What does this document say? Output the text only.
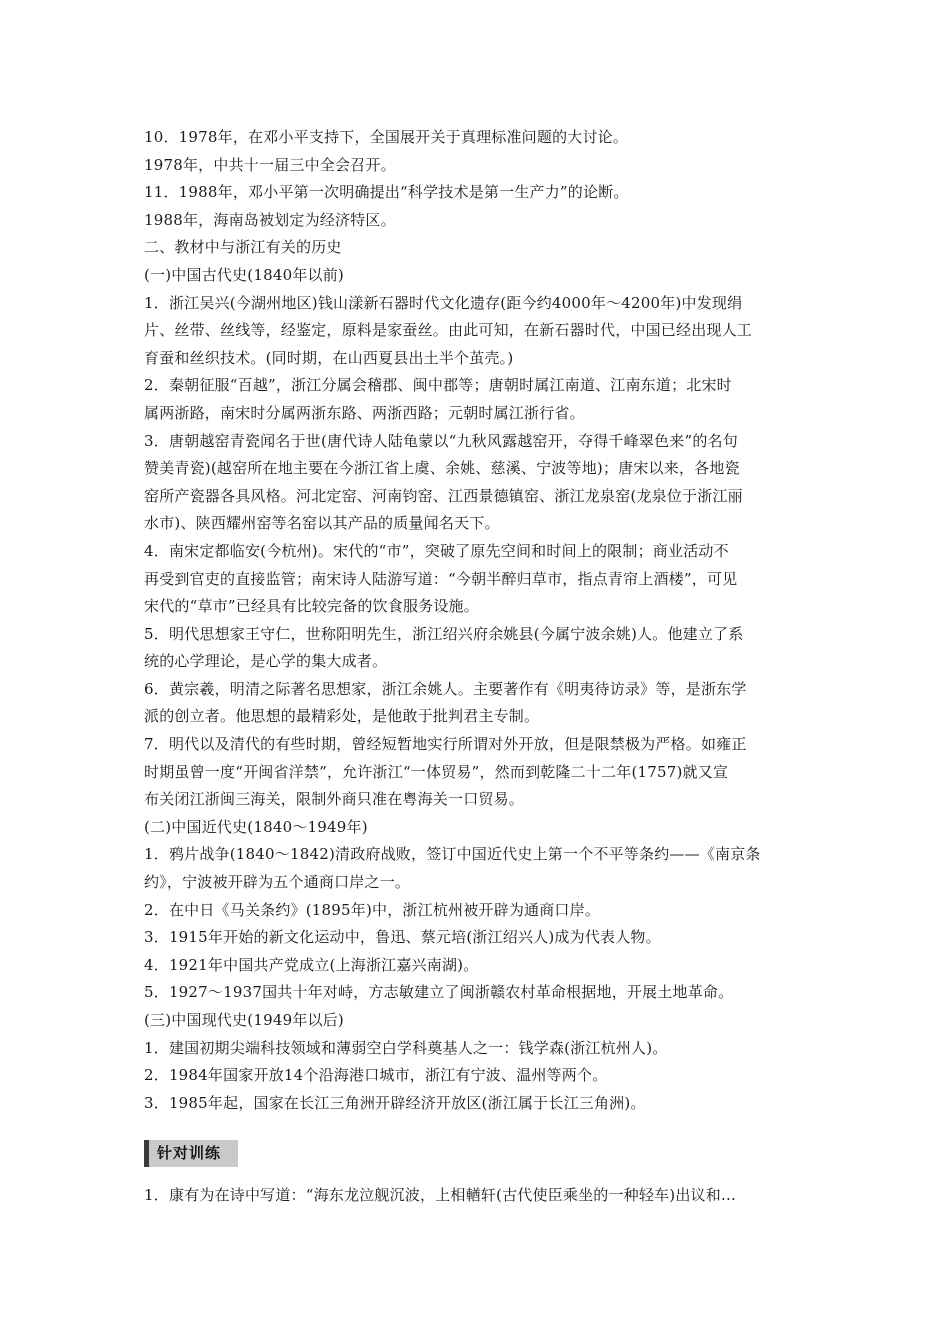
10．1978年，在邓小平支持下，全国展开关于真理标准问题的大讨论。
1978年，中共十一届三中全会召开。
11．1988年，邓小平第一次明确提出“科学技术是第一生产力”的论断。
1988年，海南岛被划定为经济特区。
二、教材中与浙江有关的历史
(一)中国古代史(1840年以前)
1．浙江吴兴(今湖州地区)钱山漾新石器时代文化遗存(距今约4000年～4200年)中发现绢
片、丝带、丝线等，经鉴定，原料是家蚕丝。由此可知，在新石器时代，中国已经出现人工
育蚕和丝织技术。(同时期，在山西夏县出土半个茧壳。)
2．秦朝征服“百越”，浙江分属会稽郡、闽中郡等；唐朝时属江南道、江南东道；北宋时
属两浙路，南宋时分属两浙东路、两浙西路；元朝时属江浙行省。
3．唐朝越窑青瓷闻名于世(唐代诗人陆龟蒙以“九秋风露越窑开，夺得千峰翠色来”的名句
赞美青瓷)(越窑所在地主要在今浙江省上虞、余姚、慈溪、宁波等地)；唐宋以来，各地瓷
窑所产瓷器各具风格。河北定窑、河南钧窑、江西景德镇窑、浙江龙泉窑(龙泉位于浙江丽
水市)、陕西耀州窑等名窑以其产品的质量闻名天下。
4．南宋定都临安(今杭州)。宋代的“市”，突破了原先空间和时间上的限制；商业活动不
再受到官吏的直接监管；南宋诗人陆游写道：“今朝半醉归草市，指点青帘上酒楼”，可见
宋代的“草市”已经具有比较完备的饮食服务设施。
5．明代思想家王守仁，世称阳明先生，浙江绍兴府余姚县(今属宁波余姚)人。他建立了系
统的心学理论，是心学的集大成者。
6．黄宗羲，明清之际著名思想家，浙江余姚人。主要著作有《明夷待访录》等，是浙东学
派的创立者。他思想的最精彩处，是他敢于批判君主专制。
7．明代以及清代的有些时期，曾经短暂地实行所谓对外开放，但是限禁极为严格。如雍正
时期虽曾一度“开闽省洋禁”，允许浙江“一体贸易”，然而到乾隆二十二年(1757)就又宣
布关闭江浙闽三海关，限制外商只准在粤海关一口贸易。
(二)中国近代史(1840～1949年)
1．鸦片战争(1840～1842)清政府战败，签订中国近代史上第一个不平等条约——《南京条
约》，宁波被开辟为五个通商口岸之一。
2．在中日《马关条约》(1895年)中，浙江杭州被开辟为通商口岸。
3．1915年开始的新文化运动中，鲁迅、蔡元培(浙江绍兴人)成为代表人物。
4．1921年中国共产党成立(上海浙江嘉兴南湖)。
5．1927～1937国共十年对峙，方志敏建立了闽浙赣农村革命根据地，开展土地革命。
(三)中国现代史(1949年以后)
1．建国初期尖端科技领域和薄弱空白学科奠基人之一：钱学森(浙江杭州人)。
2．1984年国家开放14个沿海港口城市，浙江有宁波、温州等两个。
3．1985年起，国家在长江三角洲开辟经济开放区(浙江属于长江三角洲)。
针对训练
1．康有为在诗中写道：“海东龙泣舰沉波，上相輶轩(古代使臣乘坐的一种轻车)出议和…
